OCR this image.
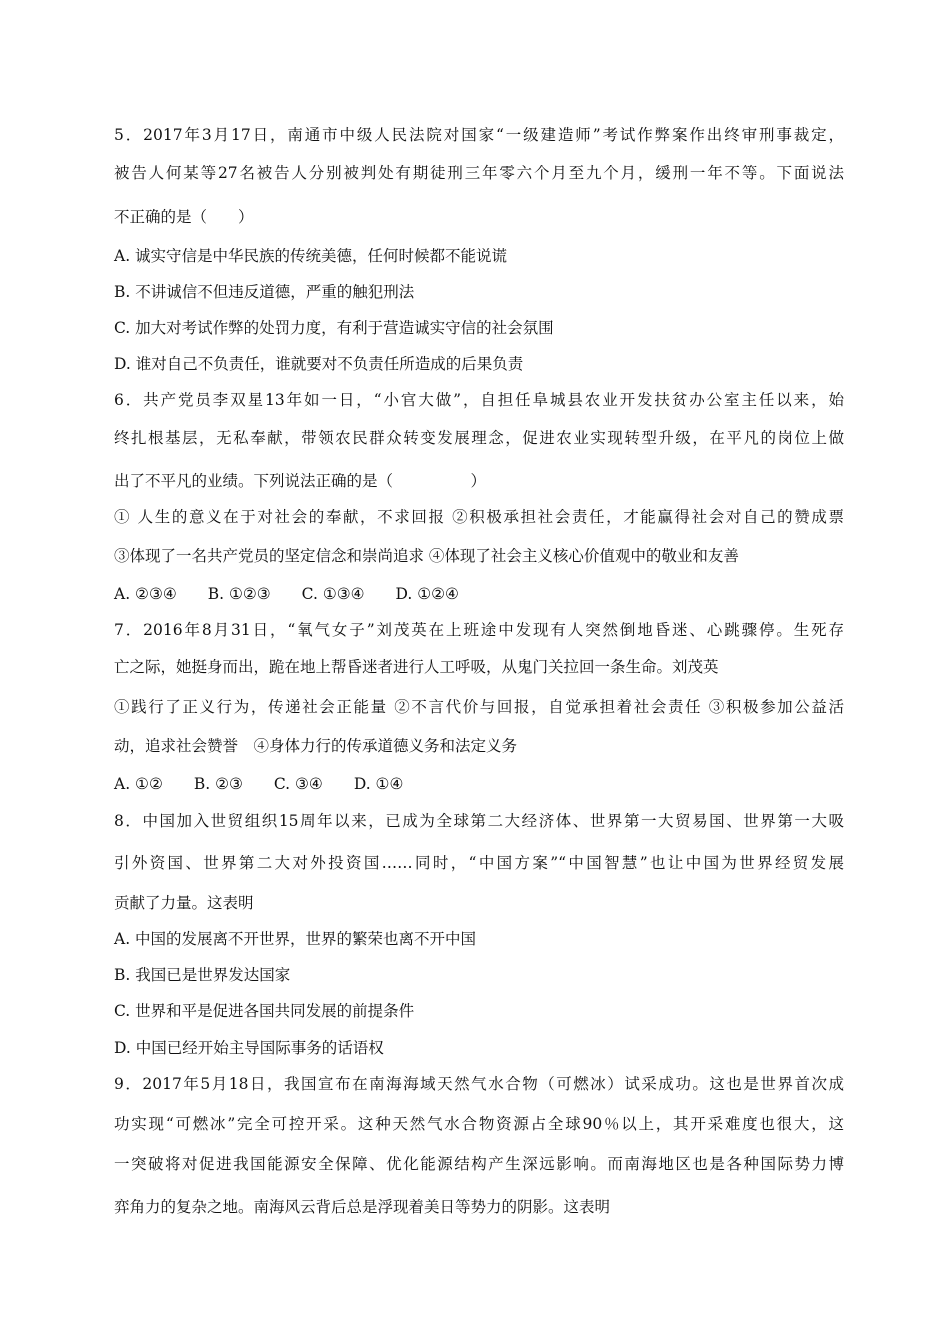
5．2017年3月17日，南通市中级人民法院对国家“一级建造师”考试作弊案作出终审刑事裁定，
被告人何某等27名被告人分别被判处有期徒刑三年零六个月至九个月，缓刑一年不等。下面说法
不正确的是（　　）
A. 诚实守信是中华民族的传统美德，任何时候都不能说谎
B. 不讲诚信不但违反道德，严重的触犯刑法
C. 加大对考试作弊的处罚力度，有利于营造诚实守信的社会氛围
D. 谁对自己不负责任，谁就要对不负责任所造成的后果负责
6．共产党员李双星13年如一日，“小官大做”，自担任阜城县农业开发扶贫办公室主任以来，始
终扎根基层，无私奉献，带领农民群众转变发展理念，促进农业实现转型升级，在平凡的岗位上做
出了不平凡的业绩。下列说法正确的是（　　　　　）
① 人生的意义在于对社会的奉献，不求回报 ②积极承担社会责任，才能赢得社会对自己的赞成票
③体现了一名共产党员的坚定信念和崇尚追求 ④体现了社会主义核心价值观中的敬业和友善
A. ②③④　　B. ①②③　　C. ①③④　　D. ①②④
7．2016年8月31日，“氧气女子”刘茂英在上班途中发现有人突然倒地昏迷、心跳骤停。生死存
亡之际，她挺身而出，跪在地上帮昏迷者进行人工呼吸，从鬼门关拉回一条生命。刘茂英
①践行了正义行为，传递社会正能量 ②不言代价与回报，自觉承担着社会责任 ③积极参加公益活
动，追求社会赞誉　④身体力行的传承道德义务和法定义务
A. ①②　　B. ②③　　C. ③④　　D. ①④
8．中国加入世贸组织15周年以来，已成为全球第二大经济体、世界第一大贸易国、世界第一大吸
引外资国、世界第二大对外投资国……同时，“中国方案”“中国智慧”也让中国为世界经贸发展
贡献了力量。这表明
A. 中国的发展离不开世界，世界的繁荣也离不开中国
B. 我国已是世界发达国家
C. 世界和平是促进各国共同发展的前提条件
D. 中国已经开始主导国际事务的话语权
9．2017年5月18日，我国宣布在南海海域天然气水合物（可燃冰）试采成功。这也是世界首次成
功实现“可燃冰”完全可控开采。这种天然气水合物资源占全球90％以上，其开采难度也很大，这
一突破将对促进我国能源安全保障、优化能源结构产生深远影响。而南海地区也是各种国际势力博
弈角力的复杂之地。南海风云背后总是浮现着美日等势力的阴影。这表明
